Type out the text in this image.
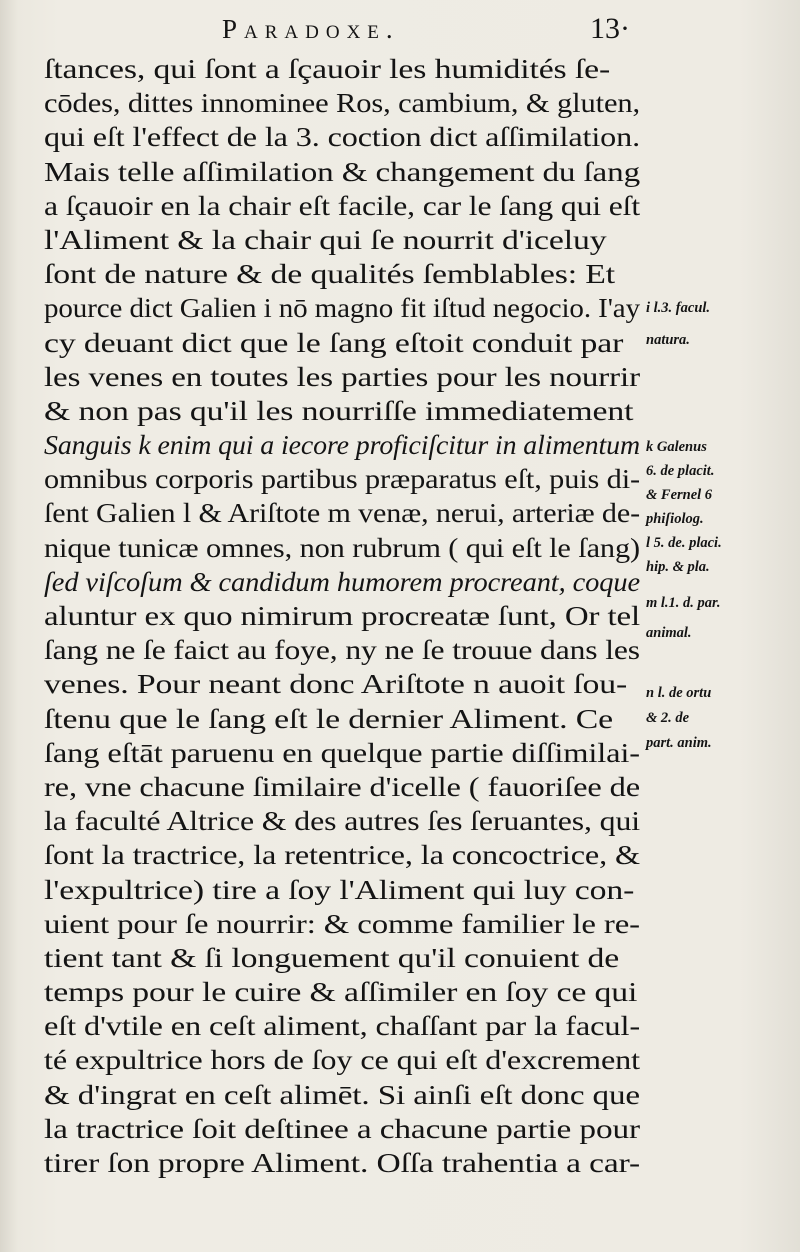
Paradoxe.	13·
ſtances, qui ſont a ſçauoir les humidités ſe-
cōdes, dittes innominee Ros, cambium, & gluten,
qui eſt l'effect de la 3. coction dict aſſimilation.
Mais telle aſſimilation & changement du ſang
a ſçauoir en la chair eſt facile, car le ſang qui eſt
l'Aliment & la chair qui ſe nourrit d'iceluy
ſont de nature & de qualités ſemblables: Et
pource dict Galien i nō magno fit iſtud negocio. I'ay
cy deuant dict que le ſang eſtoit conduit par
les venes en toutes les parties pour les nourrir
& non pas qu'il les nourriſſe immediatement
Sanguis k enim qui a iecore proficiſcitur in alimentum
omnibus corporis partibus præparatus eſt, puis di-
ſent Galien l & Ariſtote m venæ, nerui, arteriæ de-
nique tunicæ omnes, non rubrum ( qui eſt le ſang)
ſed viſcoſum & candidum humorem procreant, coque
aluntur ex quo nimirum procreatæ ſunt, Or tel
ſang ne ſe faict au foye, ny ne ſe trouue dans les
venes. Pour neant donc Ariſtote n auoit ſou-
ſtenu que le ſang eſt le dernier Aliment. Ce
ſang eſtāt paruenu en quelque partie diſſimilai-
re, vne chacune ſimilaire d'icelle ( fauoriſee de
la faculté Altrice & des autres ſes ſeruantes, qui
ſont la tractrice, la retentrice, la concoctrice, &
l'expultrice) tire a ſoy l'Aliment qui luy con-
uient pour ſe nourrir: & comme familier le re-
tient tant & ſi longuement qu'il conuient de
temps pour le cuire & aſſimiler en ſoy ce qui
eſt d'vtile en ceſt aliment, chaſſant par la facul-
té expultrice hors de ſoy ce qui eſt d'excrement
& d'ingrat en ceſt alimēt. Si ainſi eſt donc que
la tractrice ſoit deſtinee a chacune partie pour
tirer ſon propre Aliment. Oſſa trahentia a car-
i l.3. facul.
natura.
k Galenus
6. de placit.
& Fernel 6
phiſiolog.
l 5. de. placi.
hip. & pla.
m l.1. d. par.
animal.
n l. de ortu
& 2. de
part. anim.
